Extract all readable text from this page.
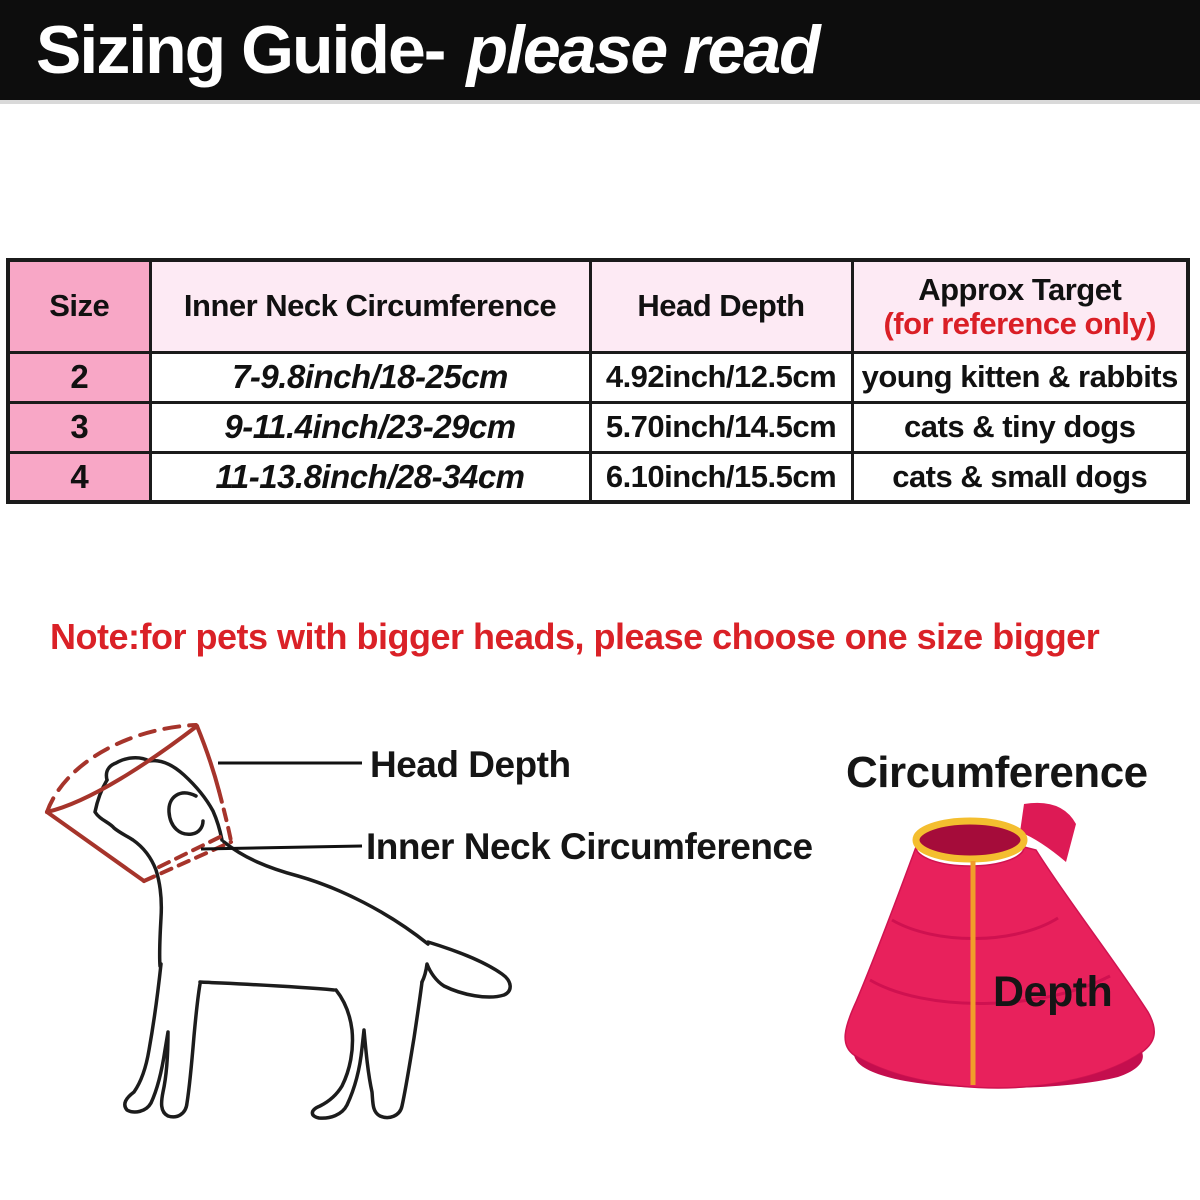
Sizing Guide- please read
Size	Inner Neck Circumference	Head Depth	Approx Target
(for reference only)

2	7-9.8inch/18-25cm	4.92inch/12.5cm	young kitten & rabbits
3	9-11.4inch/23-29cm	5.70inch/14.5cm	cats & tiny dogs
4	11-13.8inch/28-34cm	6.10inch/15.5cm	cats & small dogs
Note:for pets with bigger heads, please choose one size bigger
Head Depth
Inner Neck Circumference
Circumference
Depth
